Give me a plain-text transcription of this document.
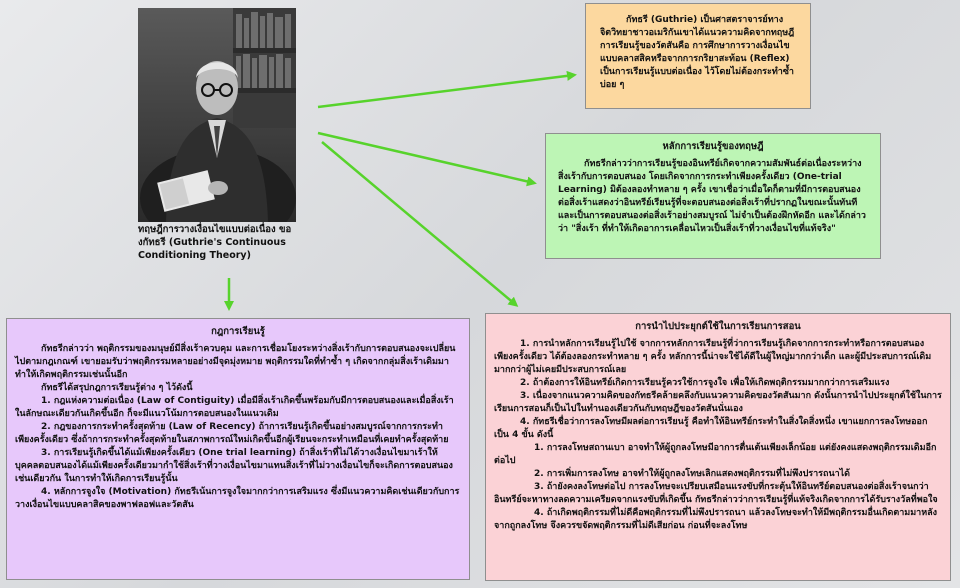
ทฤษฎีการวางเงื่อนไขแบบต่อเนื่อง ของกัทธรี (Guthrie's Continuous Conditioning Theory)

กัทธรี (Guthrie) เป็นศาสตราจารย์ทางจิตวิทยาชาวอเมริกันเขาได้แนวความคิดจากทฤษฎีการเรียนรู้ของวัตสันคือ การศึกษาการวางเงื่อนไขแบบคลาสสิคหรือจากการกริยาสะท้อน (Reflex) เป็นการเรียนรู้แบบต่อเนื่อง ไว้โดยไม่ต้องกระทำซ้ำบ่อย ๆ

หลักการเรียนรู้ของทฤษฎี

กัทธรีกล่าวว่าการเรียนรู้ของอินทรีย์เกิดจากความสัมพันธ์ต่อเนื่องระหว่างสิ่งเร้ากับการตอบสนอง โดยเกิดจากการกระทำเพียงครั้งเดียว (One-trial Learning) มิต้องลองทำหลาย ๆ ครั้ง เขาเชื่อว่าเมื่อใดก็ตามที่มีการตอบสนองต่อสิ่งเร้าแสดงว่าอินทรีย์เรียนรู้ที่จะตอบสนองต่อสิ่งเร้าที่ปรากฏในขณะนั้นทันที และเป็นการตอบสนองต่อสิ่งเร้าอย่างสมบูรณ์ ไม่จำเป็นต้องฝึกหัดอีก และได้กล่าวว่า "สิ่งเร้า ที่ทำให้เกิดอาการเคลื่อนไหวเป็นสิ่งเร้าที่วางเงื่อนไขที่แท้จริง"

กฎการเรียนรู้

กัทธรีกล่าวว่า พฤติกรรมของมนุษย์มีสิ่งเร้าควบคุม และการเชื่อมโยงระหว่างสิ่งเร้ากับการตอบสนองจะเปลี่ยนไปตามกฎเกณฑ์ เขายอมรับว่าพฤติกรรมหลายอย่างมีจุดมุ่งหมาย พฤติกรรมใดที่ทำซ้ำ ๆ เกิดจากกลุ่มสิ่งเร้าเดิมมาทำให้เกิดพฤติกรรมเช่นนั้นอีก

กัทธรีได้สรุปกฎการเรียนรู้ต่าง ๆ ไว้ดังนี้

1. กฎแห่งความต่อเนื่อง (Law of Contiguity) เมื่อมีสิ่งเร้าเกิดขึ้นพร้อมกับมีการตอบสนองและเมื่อสิ่งเร้าในลักษณะเดียวกันเกิดขึ้นอีก ก็จะมีแนวโน้มการตอบสนองในแนวเดิม

2. กฎของการกระทำครั้งสุดท้าย (Law of Recency) ถ้าการเรียนรู้เกิดขึ้นอย่างสมบูรณ์จากการกระทำเพียงครั้งเดียว ซึ่งถ้าการกระทำครั้งสุดท้ายในสภาพการณ์ใหม่เกิดขึ้นอีกผู้เรียนจะกระทำเหมือนที่เคยทำครั้งสุดท้าย

3. การเรียนรู้เกิดขึ้นได้แม้เพียงครั้งเดียว (One trial learning) ถ้าสิ่งเร้าที่ไม่ได้วางเงื่อนไขมาเร้าให้บุคคลตอบสนองได้แม้เพียงครั้งเดียวมากำใช้สิ่งเร้าที่วางเงื่อนไขมาแทนสิ่งเร้าที่ไม่วางเงื่อนไขก็จะเกิดการตอบสนองเช่นเดียวกัน ในการทำให้เกิดการเรียนรู้นั้น

4. หลักการจูงใจ (Motivation) กัทธรีเน้นการจูงใจมากกว่าการเสริมแรง ซึ่งมีแนวความคิดเช่นเดียวกับการวางเงื่อนไขแบบคลาสิคของพาฟลอฟและวัตสัน

การนำไปประยุกต์ใช้ในการเรียนการสอน

1. การนำหลักการเรียนรู้ไปใช้ จากการหลักการเรียนรู้ที่ว่าการเรียนรู้เกิดจากการกระทำหรือการตอบสนองเพียงครั้งเดียว ได้ต้องลองกระทำหลาย ๆ ครั้ง หลักการนี้น่าจะใช้ได้ดีในผู้ใหญ่มากกว่าเด็ก และผู้มีประสบการณ์เดิมมากกว่าผู้ไม่เคยมีประสบการณ์เลย

2. ถ้าต้องการให้อินทรีย์เกิดการเรียนรู้ควรใช้การจูงใจ เพื่อให้เกิดพฤติกรรมมากกว่าการเสริมแรง

3. เนื่องจากแนวความคิดของกัทธรีคล้ายคลึงกับแนวความคิดของวัตสันมาก ดังนั้นการนำไปประยุกต์ใช้ในการเรียนการสอนก็เป็นไปในทำนองเดียวกันกับทฤษฎีของวัตสันนั่นเอง

4. กัทธรีเชื่อว่าการลงโทษมีผลต่อการเรียนรู้ คือทำให้อินทรีย์กระทำในสิ่งใดสิ่งหนึ่ง เขาแยกการลงโทษออกเป็น 4 ขั้น ดังนี้

1. การลงโทษสถานเบา อาจทำให้ผู้ถูกลงโทษมีอาการตื่นเต้นเพียงเล็กน้อย แต่ยังคงแสดงพฤติกรรมเดิมอีกต่อไป

2. การเพิ่มการลงโทษ อาจทำให้ผู้ถูกลงโทษเลิกแสดงพฤติกรรมที่ไม่พึงปรารถนาได้

3. ถ้ายังคงลงโทษต่อไป การลงโทษจะเปรียบเสมือนแรงขับที่กระตุ้นให้อินทรีย์ตอบสนองต่อสิ่งเร้าจนกว่าอินทรีย์จะหาทางลดความเครียดจากแรงขับที่เกิดขึ้น กัทธรีกล่าวว่าการเรียนรู้ที่แท้จริงเกิดจากการได้รับรางวัลที่พอใจ

4. ถ้าเกิดพฤติกรรมที่ไม่ดีคือพฤติกรรมที่ไม่พึงปรารถนา แล้วลงโทษจะทำให้มีพฤติกรรมอื่นเกิดตามมาหลังจากถูกลงโทษ จึงควรขจัดพฤติกรรมที่ไม่ดีเสียก่อน ก่อนที่จะลงโทษ
